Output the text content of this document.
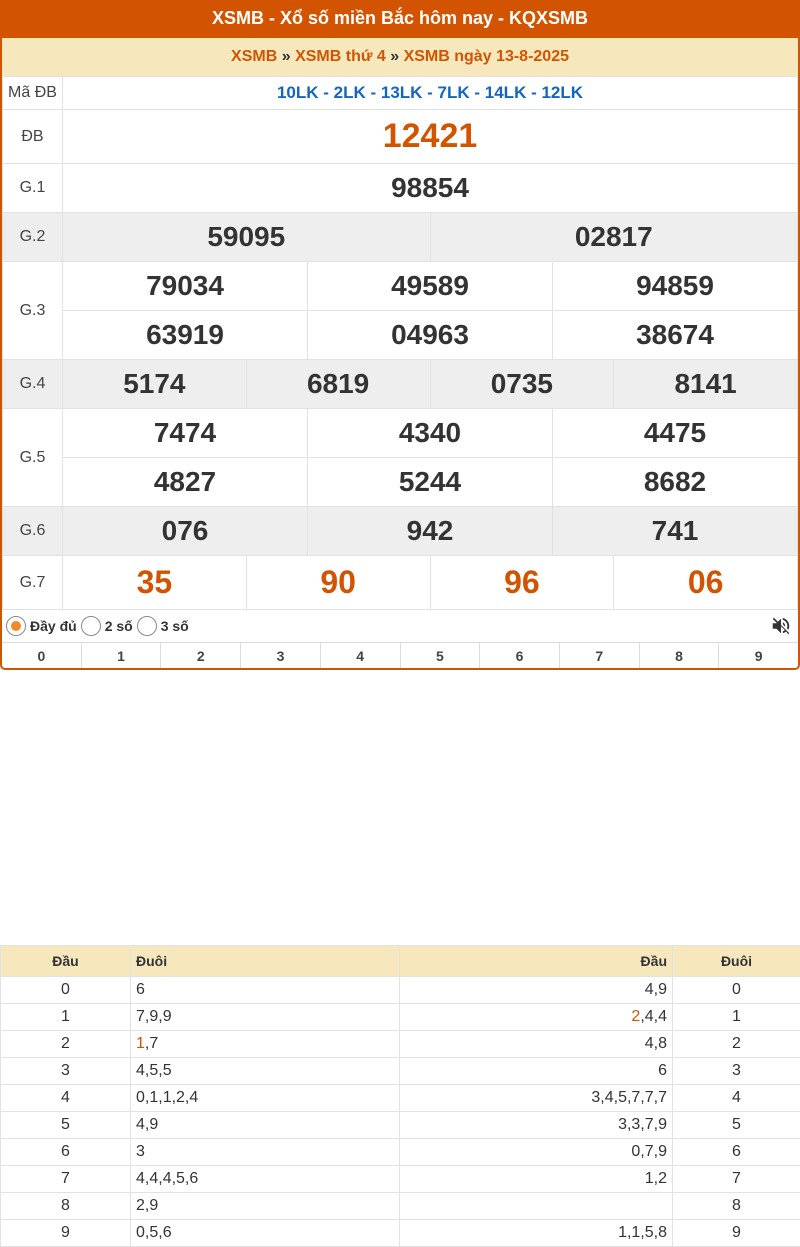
XSMB - Xổ số miền Bắc hôm nay - KQXSMB
XSMB » XSMB thứ 4 » XSMB ngày 13-8-2025
Mã ĐB	10LK - 2LK - 13LK - 7LK - 14LK - 12LK					
ĐB	12421					
G.1	98854					
G.2	59095			02817		
G.3	79034		49589		94859	
	63919		04963		38674	
G.4	5174	6819		0735		8141
G.5	7474		4340		4475	
	4827		5244		8682	
G.6	076		942		741	
G.7	35	90		96		06
Đầy đủ 2 số 3 số
0	1	2	3	4	5	6	7	8	9
Đầu	Đuôi	Đầu	Đuôi
0	6	4,9	0
1	7,9,9	2,4,4	1
2	1,7	4,8	2
3	4,5,5	6	3
4	0,1,1,2,4	3,4,5,7,7,7	4
5	4,9	3,3,7,9	5
6	3	0,7,9	6
7	4,4,4,5,6	1,2	7
8	2,9		8
9	0,5,6	1,1,5,8	9
